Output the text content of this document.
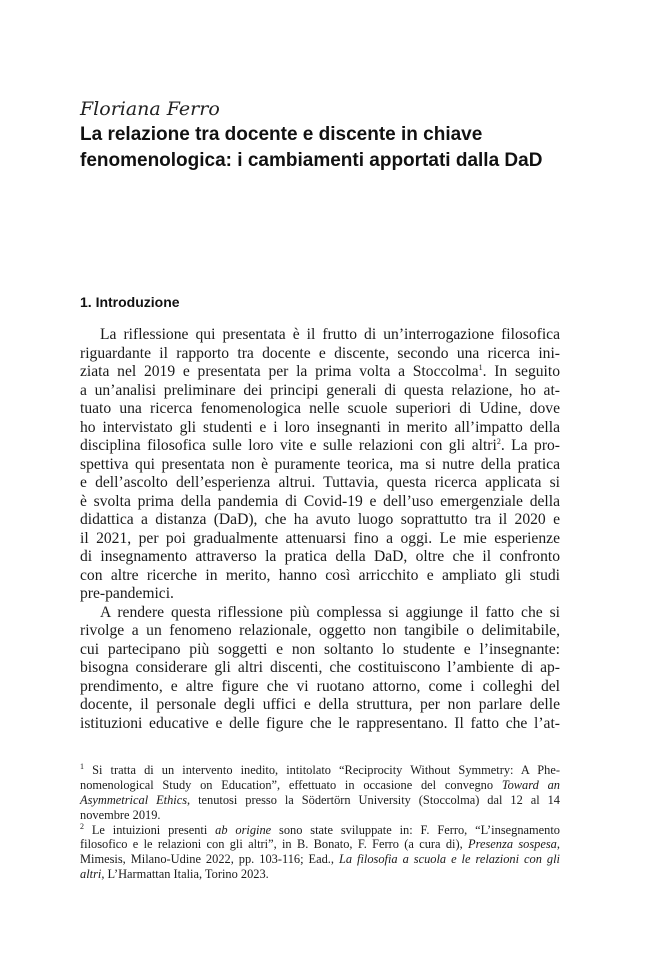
Floriana Ferro
La relazione tra docente e discente in chiave
fenomenologica: i cambiamenti apportati dalla DaD
1. Introduzione
La riflessione qui presentata è il frutto di un’interrogazione filosofica
riguardante il rapporto tra docente e discente, secondo una ricerca ini-
ziata nel 2019 e presentata per la prima volta a Stoccolma$^1$. In seguito
a un’analisi preliminare dei principi generali di questa relazione, ho at-
tuato una ricerca fenomenologica nelle scuole superiori di Udine, dove
ho intervistato gli studenti e i loro insegnanti in merito all’impatto della
disciplina filosofica sulle loro vite e sulle relazioni con gli altri$^2$. La pro-
spettiva qui presentata non è puramente teorica, ma si nutre della pratica
e dell’ascolto dell’esperienza altrui. Tuttavia, questa ricerca applicata si
è svolta prima della pandemia di Covid-19 e dell’uso emergenziale della
didattica a distanza (DaD), che ha avuto luogo soprattutto tra il 2020 e
il 2021, per poi gradualmente attenuarsi fino a oggi. Le mie esperienze
di insegnamento attraverso la pratica della DaD, oltre che il confronto
con altre ricerche in merito, hanno così arricchito e ampliato gli studi
pre-pandemici.
A rendere questa riflessione più complessa si aggiunge il fatto che si
rivolge a un fenomeno relazionale, oggetto non tangibile o delimitabile,
cui partecipano più soggetti e non soltanto lo studente e l’insegnante:
bisogna considerare gli altri discenti, che costituiscono l’ambiente di ap-
prendimento, e altre figure che vi ruotano attorno, come i colleghi del
docente, il personale degli uffici e della struttura, per non parlare delle
istituzioni educative e delle figure che le rappresentano. Il fatto che l’at-
$^1$ Si tratta di un intervento inedito, intitolato “Reciprocity Without Symmetry: A Phe-
nomenological Study on Education”, effettuato in occasione del convegno Toward an
Asymmetrical Ethics, tenutosi presso la Södertörn University (Stoccolma) dal 12 al 14
novembre 2019.
$^2$ Le intuizioni presenti ab origine sono state sviluppate in: F. Ferro, “L’insegnamento
filosofico e le relazioni con gli altri”, in B. Bonato, F. Ferro (a cura di), Presenza sospesa,
Mimesis, Milano-Udine 2022, pp. 103-116; Ead., La filosofia a scuola e le relazioni con gli
altri, L’Harmattan Italia, Torino 2023.
